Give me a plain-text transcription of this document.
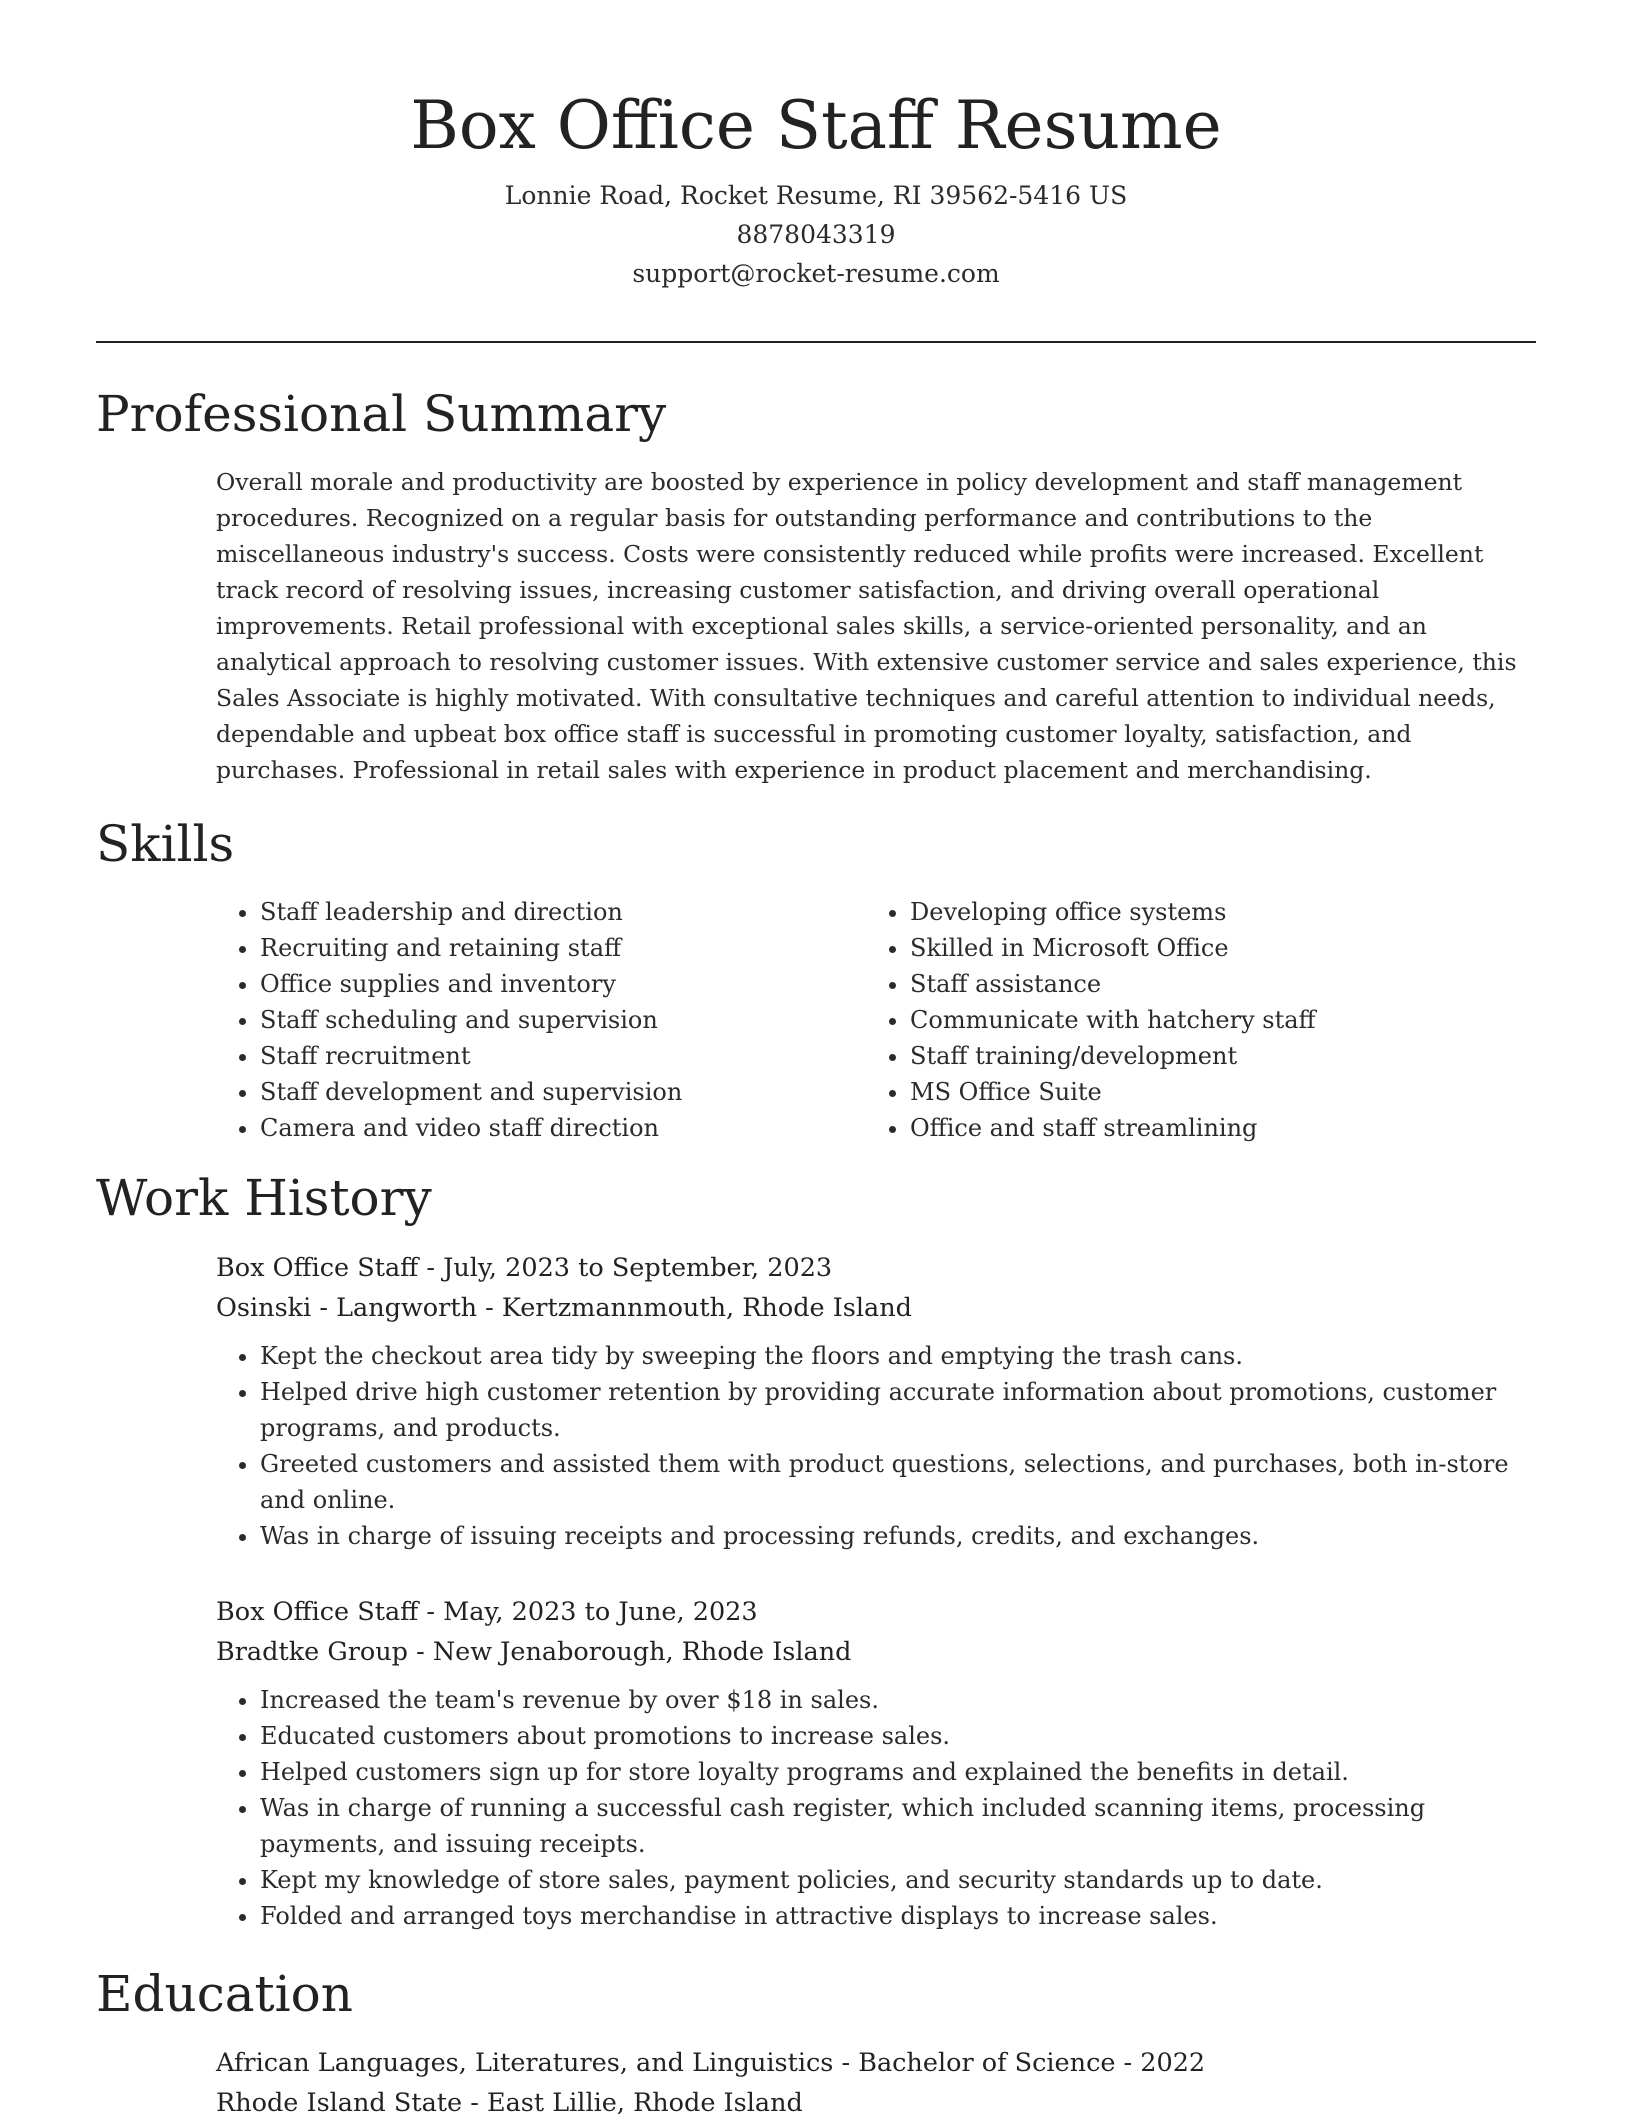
Box Office Staff Resume
Lonnie Road, Rocket Resume, RI 39562-5416 US
8878043319
support@rocket-resume.com
Professional Summary
Overall morale and productivity are boosted by experience in policy development and staff management procedures. Recognized on a regular basis for outstanding performance and contributions to the miscellaneous industry's success. Costs were consistently reduced while profits were increased. Excellent track record of resolving issues, increasing customer satisfaction, and driving overall operational improvements. Retail professional with exceptional sales skills, a service-oriented personality, and an analytical approach to resolving customer issues. With extensive customer service and sales experience, this Sales Associate is highly motivated. With consultative techniques and careful attention to individual needs, dependable and upbeat box office staff is successful in promoting customer loyalty, satisfaction, and purchases. Professional in retail sales with experience in product placement and merchandising.
Skills
• Staff leadership and direction
• Recruiting and retaining staff
• Office supplies and inventory
• Staff scheduling and supervision
• Staff recruitment
• Staff development and supervision
• Camera and video staff direction
• Developing office systems
• Skilled in Microsoft Office
• Staff assistance
• Communicate with hatchery staff
• Staff training/development
• MS Office Suite
• Office and staff streamlining
Work History
Box Office Staff - July, 2023 to September, 2023
Osinski - Langworth - Kertzmannmouth, Rhode Island
• Kept the checkout area tidy by sweeping the floors and emptying the trash cans.
• Helped drive high customer retention by providing accurate information about promotions, customer programs, and products.
• Greeted customers and assisted them with product questions, selections, and purchases, both in-store and online.
• Was in charge of issuing receipts and processing refunds, credits, and exchanges.
Box Office Staff - May, 2023 to June, 2023
Bradtke Group - New Jenaborough, Rhode Island
• Increased the team's revenue by over $18 in sales.
• Educated customers about promotions to increase sales.
• Helped customers sign up for store loyalty programs and explained the benefits in detail.
• Was in charge of running a successful cash register, which included scanning items, processing payments, and issuing receipts.
• Kept my knowledge of store sales, payment policies, and security standards up to date.
• Folded and arranged toys merchandise in attractive displays to increase sales.
Education
African Languages, Literatures, and Linguistics - Bachelor of Science - 2022
Rhode Island State - East Lillie, Rhode Island
